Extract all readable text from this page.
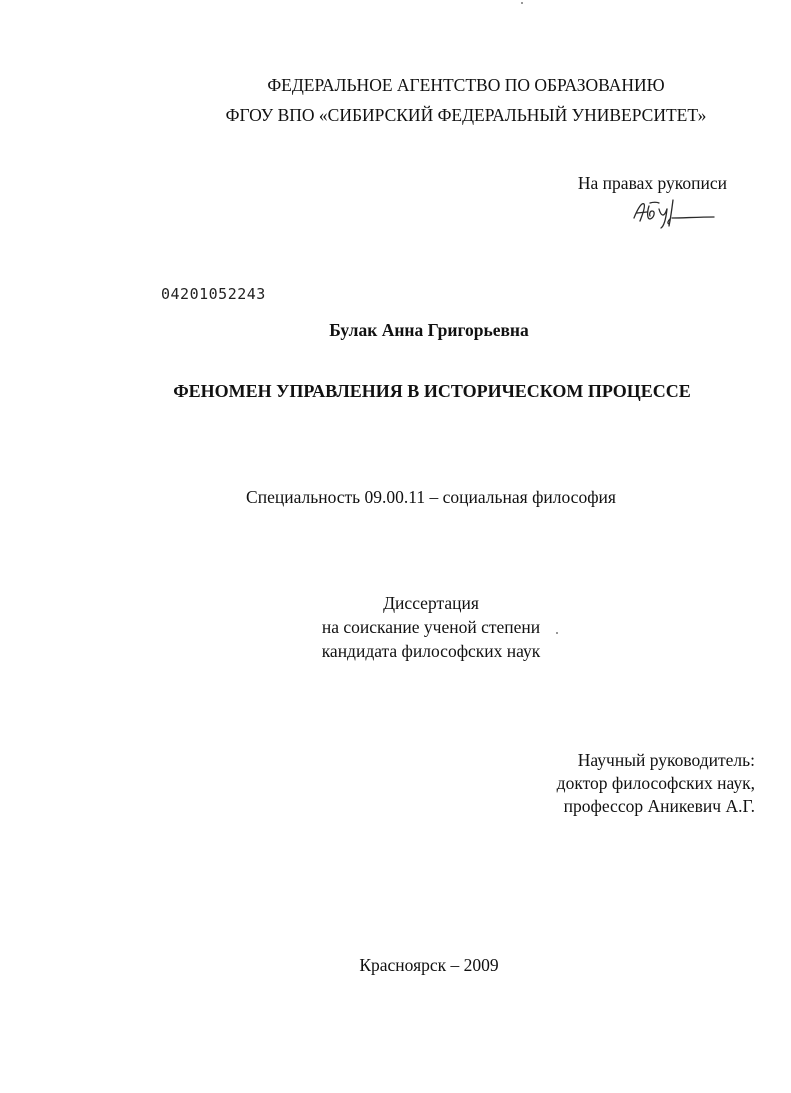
ФЕДЕРАЛЬНОЕ АГЕНТСТВО ПО ОБРАЗОВАНИЮ
ФГОУ ВПО «СИБИРСКИЙ ФЕДЕРАЛЬНЫЙ УНИВЕРСИТЕТ»
На правах рукописи
04201052243
Булак Анна Григорьевна
ФЕНОМЕН УПРАВЛЕНИЯ В ИСТОРИЧЕСКОМ ПРОЦЕССЕ
Специальность 09.00.11 – социальная философия
Диссертация
на соискание ученой степени
кандидата философских наук
Научный руководитель:
доктор философских наук,
профессор Аникевич А.Г.
Красноярск – 2009
